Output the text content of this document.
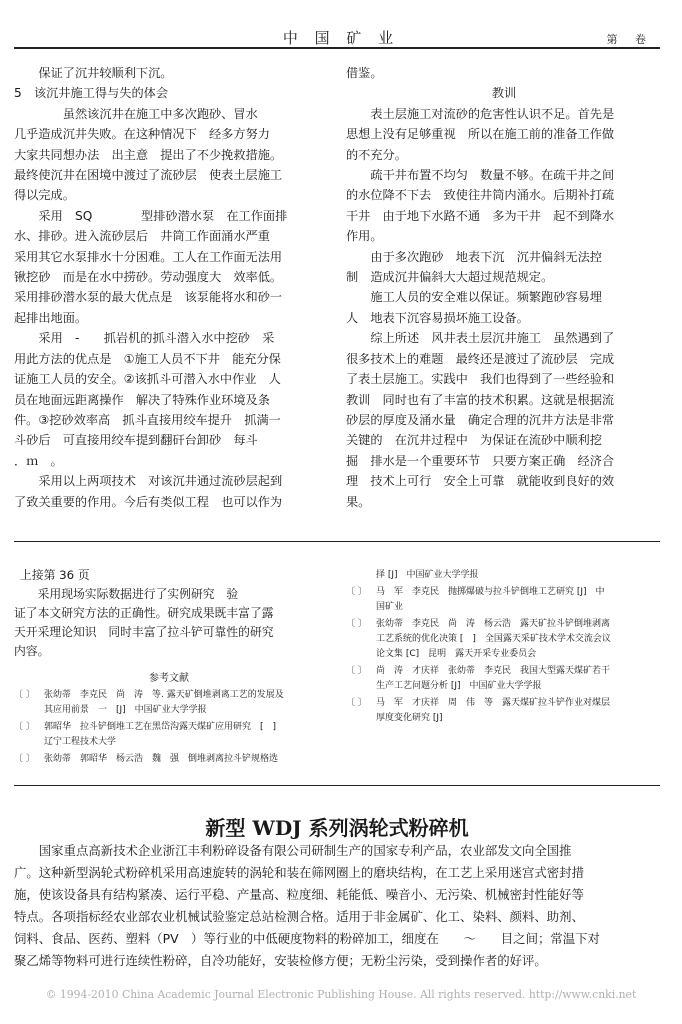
中 国 矿 业	第 卷

保证了沉井较顺利下沉。

5　该沉井施工得与失的体会

　　虽然该沉井在施工中多次跑砂、冒水

几乎造成沉井失败。在这种情况下　经多方努力

大家共同想办法　出主意　提出了不少挽救措施。

最终使沉井在困境中渡过了流砂层　使表土层施工

得以完成。

采用　SQ　　　　型排砂潜水泵　在工作面排

水、排砂。进入流砂层后　井筒工作面涌水严重

采用其它水泵排水十分困难。工人在工作面无法用

锹挖砂　而是在水中捞砂。劳动强度大　效率低。

采用排砂潜水泵的最大优点是　该泵能将水和砂一

起排出地面。

采用　-　　抓岩机的抓斗潜入水中挖砂　采

用此方法的优点是　①施工人员不下井　能充分保

证施工人员的安全。②该抓斗可潜入水中作业　人

员在地面远距离操作　解决了特殊作业环境及条

件。③挖砂效率高　抓斗直接用绞车提升　抓满一

斗砂后　可直接用绞车提到翻矸台卸砂　每斗

．ｍ　。

采用以上两项技术　对该沉井通过流砂层起到

了致关重要的作用。今后有类似工程　也可以作为

借鉴。

教训

表土层施工对流砂的危害性认识不足。首先是

思想上没有足够重视　所以在施工前的准备工作做

的不充分。

疏干井布置不均匀　数量不够。在疏干井之间

的水位降不下去　致使往井筒内涌水。后期补打疏

干井　由于地下水路不通　多为干井　起不到降水

作用。

由于多次跑砂　地表下沉　沉井偏斜无法控

制　造成沉井偏斜大大超过规范规定。

施工人员的安全难以保证。频繁跑砂容易埋

人　地表下沉容易损坏施工设备。

综上所述　风井表土层沉井施工　虽然遇到了

很多技术上的难题　最终还是渡过了流砂层　完成

了表土层施工。实践中　我们也得到了一些经验和

教训　同时也有了丰富的技术积累。这就是根据流

砂层的厚度及涌水量　确定合理的沉井方法是非常

关键的　在沉井过程中　为保证在流砂中顺利挖

掘　排水是一个重要环节　只要方案正确　经济合

理　技术上可行　安全上可靠　就能收到良好的效

果。

上接第 36 页

　　采用现场实际数据进行了实例研究　验

证了本文研究方法的正确性。研究成果既丰富了露

天开采理论知识　同时丰富了拉斗铲可靠性的研究

内容。

参考文献
〔 〕	张幼蒂　李克民　尚　涛　等. 露天矿倒堆剥离工艺的发展及
其应用前景　一　[J]　中国矿业大学学报
〔 〕	郭昭华　拉斗铲倒堆工艺在黑岱沟露天煤矿应用研究　[　]
辽宁工程技术大学
〔 〕	张幼蒂　郭昭华　杨云浩　魏　强　倒堆剥离拉斗铲规格选
择 [J]　中国矿业大学学报
〔 〕	马　军　李克民　抛掷爆破与拉斗铲倒堆工艺研究 [J]　中
国矿业
〔 〕	张幼蒂　李克民　尚　涛　杨云浩　露天矿拉斗铲倒堆剥离
工艺系统的优化决策 [　]　全国露天采矿技术学术交流会议
论文集 [C]　昆明　露天开采专业委员会
〔 〕	尚　涛　才庆祥　张幼蒂　李克民　我国大型露天煤矿若干
生产工艺问题分析 [J]　中国矿业大学学报
〔 〕	马　军　才庆祥　周　伟　等　露天煤矿拉斗铲作业对煤层
厚度变化研究 [J]
新型 WDJ 系列涡轮式粉碎机

　　国家重点高新技术企业浙江丰利粉碎设备有限公司研制生产的国家专利产品，农业部发文向全国推

广。这种新型涡轮式粉碎机采用高速旋转的涡轮和装在筛网圈上的磨块结构，在工艺上采用迷宫式密封措

施，使该设备具有结构紧凑、运行平稳、产量高、粒度细、耗能低、噪音小、无污染、机械密封性能好等

特点。各项指标经农业部农业机械试验鉴定总站检测合格。适用于非金属矿、化工、染料、颜料、助剂、

饲料、食品、医药、塑料（PV　）等行业的中低硬度物料的粉碎加工，细度在　　～　　目之间；常温下对

聚乙烯等物料可进行连续性粉碎，自冷功能好，安装检修方便；无粉尘污染，受到操作者的好评。

© 1994-2010 China Academic Journal Electronic Publishing House. All rights reserved. http://www.cnki.net
